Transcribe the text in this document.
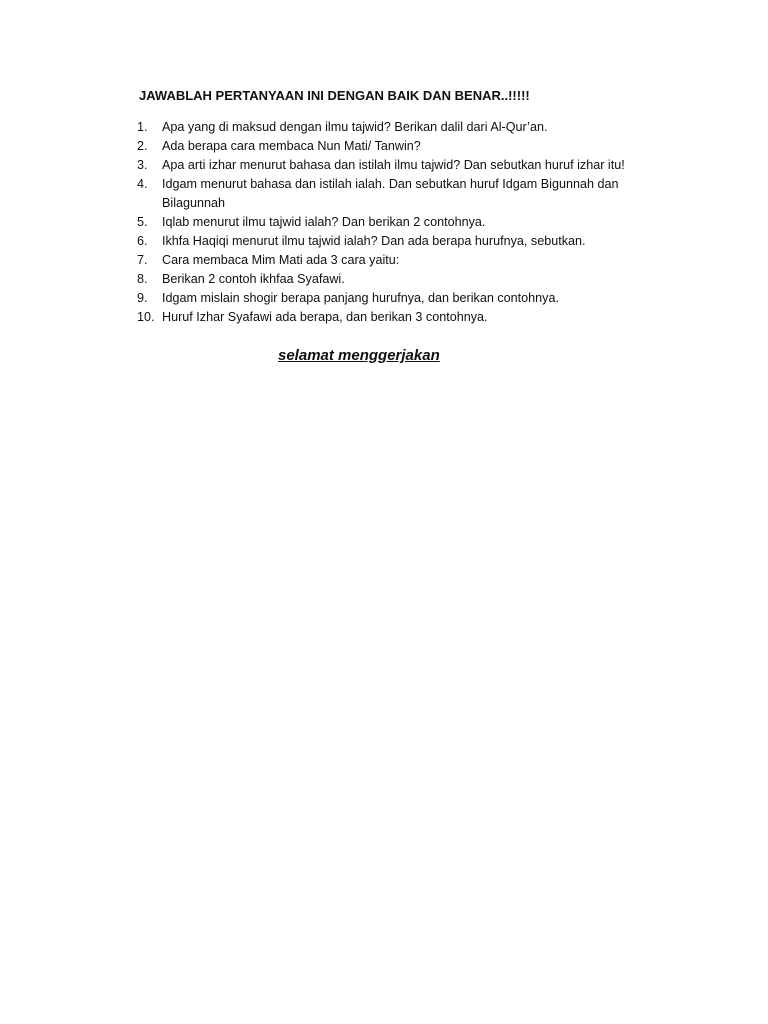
JAWABLAH PERTANYAAN INI DENGAN BAIK DAN BENAR..!!!!!
1.	Apa yang di maksud dengan ilmu tajwid? Berikan dalil dari Al-Qur’an.
2.	Ada berapa cara membaca Nun Mati/ Tanwin?
3.	Apa arti izhar menurut bahasa dan istilah ilmu tajwid? Dan sebutkan huruf izhar itu!
4.	Idgam menurut bahasa dan istilah ialah. Dan sebutkan huruf Idgam Bigunnah dan Bilagunnah
5.	Iqlab menurut ilmu tajwid ialah? Dan berikan 2 contohnya.
6.	Ikhfa Haqiqi menurut ilmu tajwid ialah? Dan ada berapa hurufnya, sebutkan.
7.	Cara membaca Mim Mati ada 3 cara yaitu:
8.	Berikan 2 contoh ikhfaa Syafawi.
9.	Idgam mislain shogir berapa panjang hurufnya, dan berikan contohnya.
10. Huruf Izhar Syafawi ada berapa, dan berikan 3 contohnya.
selamat menggerjakan
